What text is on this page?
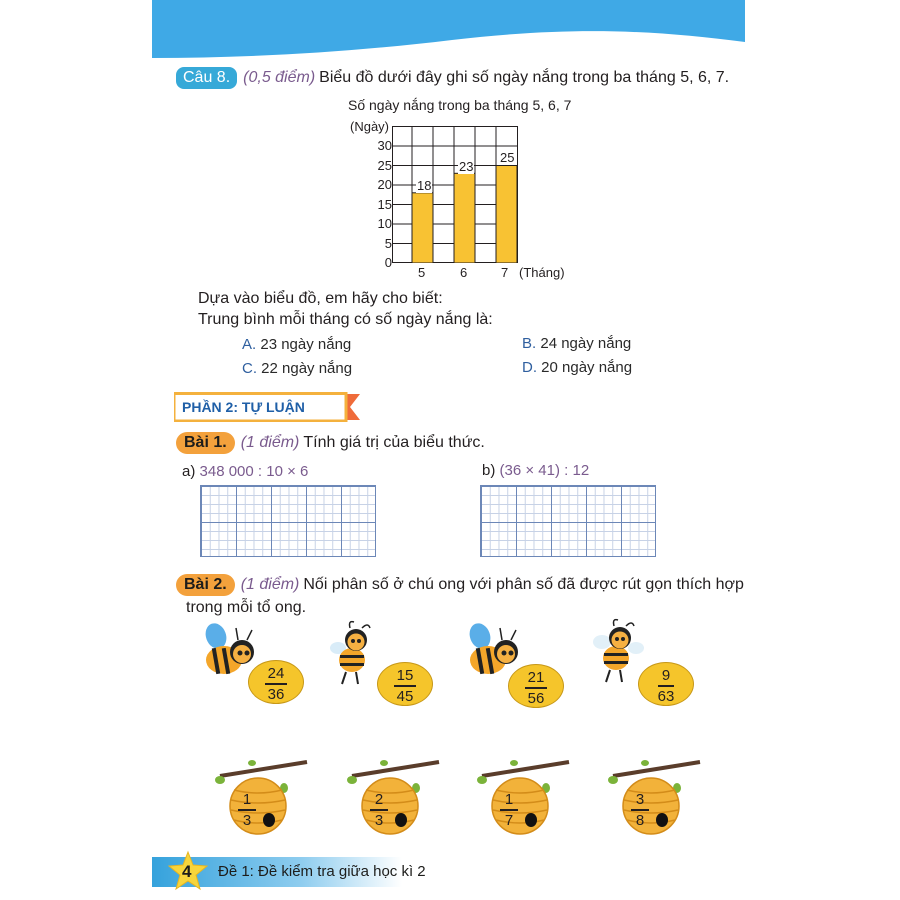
Câu 8. (0,5 điểm) Biểu đồ dưới đây ghi số ngày nắng trong ba tháng 5, 6, 7.
Số ngày nắng trong ba tháng 5, 6, 7
(Ngày)
18
23
25
30
25
20
15
10
5
0
5	6	7 (Tháng)
Dựa vào biểu đồ, em hãy cho biết:
Trung bình mỗi tháng có số ngày nắng là:
A. 23 ngày nắng	B. 24 ngày nắng
C. 22 ngày nắng	D. 20 ngày nắng
PHẦN 2: TỰ LUẬN
Bài 1. (1 điểm) Tính giá trị của biểu thức.
a) 348 000 : 10 × 6	b) (36 × 41) : 12
Bài 2. (1 điểm) Nối phân số ở chú ong với phân số đã được rút gọn thích hợp
trong mỗi tổ ong.
24
36
15
45
21
56
9
63
1
3
2
3
1
7
3
8
4 Đề 1: Đề kiểm tra giữa học kì 2
